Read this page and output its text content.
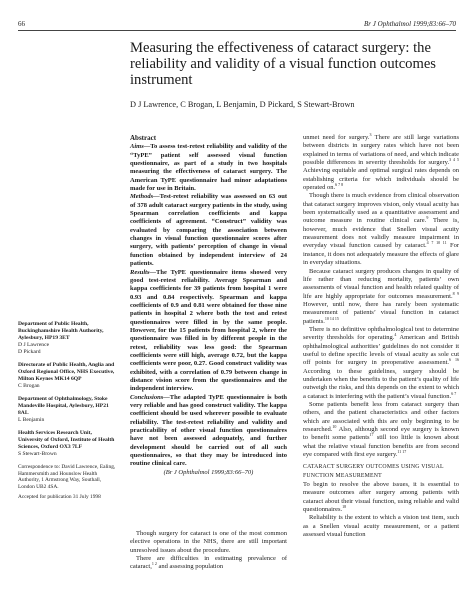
66	Br J Ophthalmol 1999;83:66–70
Measuring the effectiveness of cataract surgery: the reliability and validity of a visual function outcomes instrument
D J Lawrence, C Brogan, L Benjamin, D Pickard, S Stewart-Brown
Department of Public Health, Buckinghamshire Health Authority, Aylesbury, HP19 3ET
D J Lawrence
D Pickard
Directorate of Public Health, Anglia and Oxford Regional Office, NHS Executive, Milton Keynes MK14 6QP
C Brogan
Department of Ophthalmology, Stoke Mandeville Hospital, Aylesbury, HP21 8AL
L Benjamin
Health Services Research Unit, University of Oxford, Institute of Health Sciences, Oxford OX3 7LF
S Stewart-Brown
Correspondence to: David Lawrence, Ealing, Hammersmith and Hounslow Health Authority, 1 Armstrong Way, Southall, London UB2 4SA.
Accepted for publication 31 July 1998
Abstract

Aims—To assess test-retest reliability and validity of the “TyPE” patient self assessed visual function questionnaire, as part of a study in two hospitals measuring the effectiveness of cataract surgery. The American TyPE questionnaire had minor adaptations made for use in Britain.

Methods—Test-retest reliability was assessed on 63 out of 378 adult cataract surgery patients in the study, using Spearman correlation coefficients and kappa coefficients of agreement. “Construct” validity was evaluated by comparing the association between changes in visual function questionnaire scores after surgery, with patients’ perception of change in visual function obtained by independent interview of 24 patients.

Results—The TyPE questionnaire items showed very good test-retest reliability. Average Spearman and kappa coefficients for 39 patients from hospital 1 were 0.93 and 0.84 respectively. Spearman and kappa coefficients of 0.9 and 0.81 were obtained for those nine patients in hospital 2 where both the test and retest questionnaires were filled in by the same people. However, for the 15 patients from hospital 2, where the questionnaire was filled in by different people in the retest, reliability was less good: the Spearman coefficients were still high, average 0.72, but the kappa coefficients were poor, 0.27. Good construct validity was exhibited, with a correlation of 0.79 between change in distance vision score from the questionnaires and the independent interview.

Conclusions—The adapted TyPE questionnaire is both very reliable and has good construct validity. The kappa coefficient should be used wherever possible to evaluate reliability. The test-retest reliability and validity and practicability of other visual function questionnaires have not been assessed adequately, and further development should be carried out of all such questionnaires, so that they may be introduced into routine clinical care.

(Br J Ophthalmol 1999;83:66–70)

Though surgery for cataract is one of the most common elective operations in the NHS, there are still important unresolved issues about the procedure.

There are difficulties in estimating prevalence of cataract,$^{1 2}$ and assessing population

unmet need for surgery.$^3$ There are still large variations between districts in surgery rates which have not been explained in terms of variations of need, and which indicate possible differences in severity thresholds for surgery.$^{3 4 5}$ Achieving equitable and optimal surgical rates depends on establishing criteria for which individuals should be operated on.$^{6 7 8}$

Though there is much evidence from clinical observation that cataract surgery improves vision, only visual acuity has been systematically used as a quantitative assessment and outcome measure in routine clinical care.$^9$ There is, however, much evidence that Snellen visual acuity measurement does not validly measure impairment in everyday visual function caused by cataract.$^{4 7 10 11}$ For instance, it does not adequately measure the effects of glare in everyday situations.

Because cataract surgery produces changes in quality of life rather than reducing mortality, patients’ own assessments of visual function and health related quality of life are highly appropriate for outcomes measurement.$^{8 9}$ However, until now, there has rarely been systematic measurement of patients’ visual function in cataract patients.$^{10 14 15}$

There is no definitive ophthalmological test to determine severity thresholds for operating.$^4$ American and British ophthalmological authorities’ guidelines do not consider it useful to define specific levels of visual acuity as sole cut off points for surgery in preoperative assessment.$^{6 16}$ According to these guidelines, surgery should be undertaken when the benefits to the patient’s quality of life outweigh the risks, and this depends on the extent to which a cataract is interfering with the patient’s visual function.$^{6 7}$

Some patients benefit less from cataract surgery than others, and the patient characteristics and other factors which are associated with this are only beginning to be researched.$^{10}$ Also, although second eye surgery is known to benefit some patients$^{17}$ still too little is known about what the relative visual function benefits are from second eye compared with first eye surgery.$^{11 17}$

CATARACT SURGERY OUTCOMES USING VISUAL FUNCTION MEASUREMENT

To begin to resolve the above issues, it is essential to measure outcomes after surgery among patients with cataract about their visual function, using reliable and valid questionnaires.$^{18}$

Reliability is the extent to which a vision test item, such as a Snellen visual acuity measurement, or a patient assessed visual function
